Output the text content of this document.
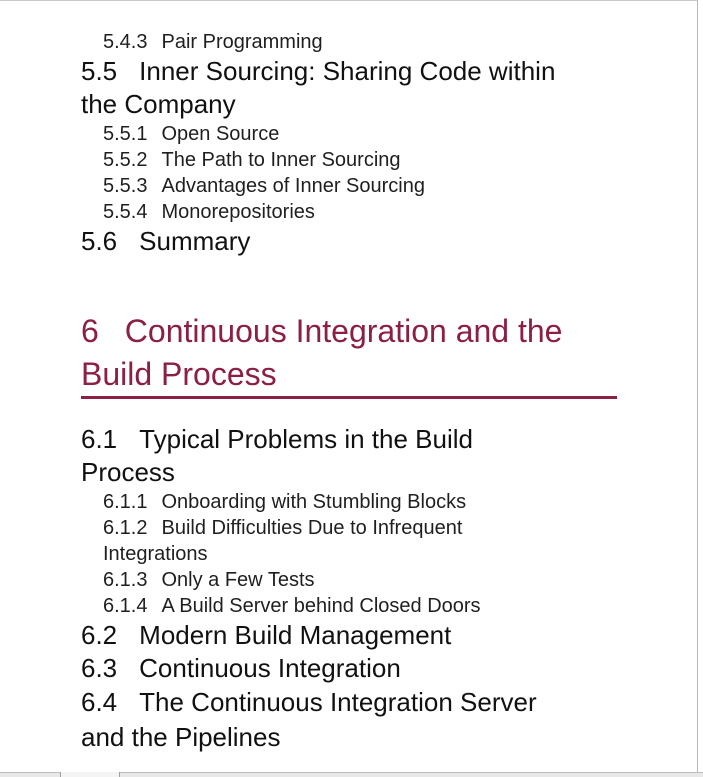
5.4.3 Pair Programming

5.5 Inner Sourcing: Sharing Code within
the Company

5.5.1 Open Source

5.5.2 The Path to Inner Sourcing

5.5.3 Advantages of Inner Sourcing

5.5.4 Monorepositories

5.6 Summary

6 Continuous Integration and the
Build Process

6.1 Typical Problems in the Build
Process

6.1.1 Onboarding with Stumbling Blocks

6.1.2 Build Difficulties Due to Infrequent
Integrations

6.1.3 Only a Few Tests

6.1.4 A Build Server behind Closed Doors

6.2 Modern Build Management

6.3 Continuous Integration

6.4 The Continuous Integration Server
and the Pipelines
